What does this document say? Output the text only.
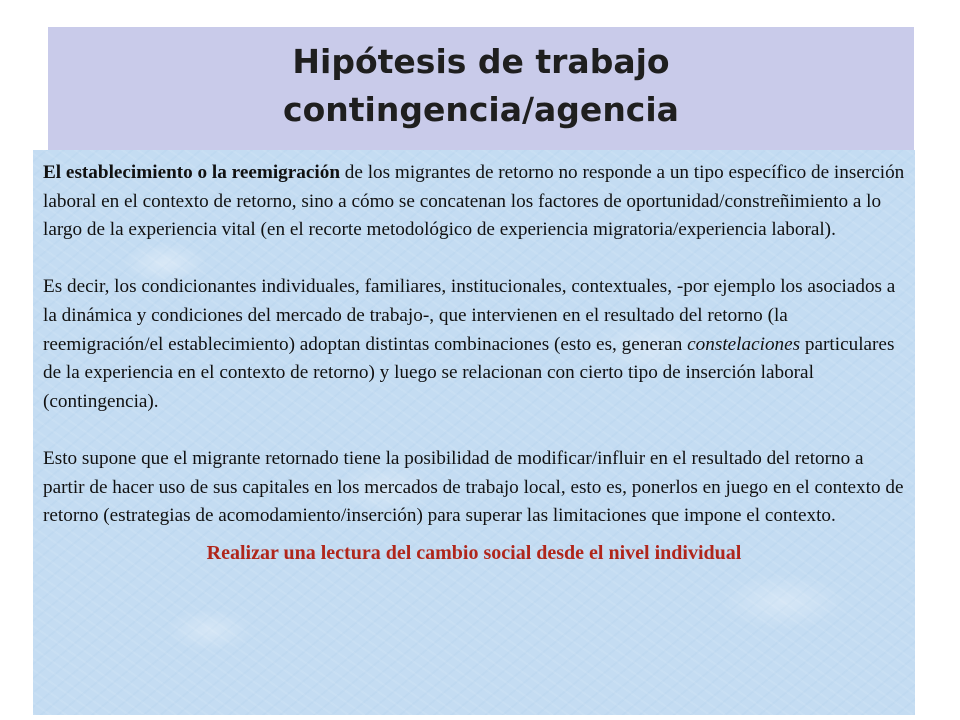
Hipótesis de trabajo
contingencia/agencia

El establecimiento o la reemigración de los migrantes de retorno no responde a un tipo específico de inserción laboral en el contexto de retorno, sino a cómo se concatenan los factores de oportunidad/constreñimiento a lo largo de la experiencia vital (en el recorte metodológico de experiencia migratoria/experiencia laboral).

Es decir, los condicionantes individuales, familiares, institucionales, contextuales, -por ejemplo los asociados a la dinámica y condiciones del mercado de trabajo-, que intervienen en el resultado del retorno (la reemigración/el establecimiento) adoptan distintas combinaciones (esto es, generan constelaciones particulares de la experiencia en el contexto de retorno) y luego se relacionan con cierto tipo de inserción laboral (contingencia).

Esto supone que el migrante retornado tiene la posibilidad de modificar/influir en el resultado del retorno a partir de hacer uso de sus capitales en los mercados de trabajo local, esto es, ponerlos en juego en el contexto de retorno (estrategias de acomodamiento/inserción) para superar las limitaciones que impone el contexto.

Realizar una lectura del cambio social desde el nivel individual
